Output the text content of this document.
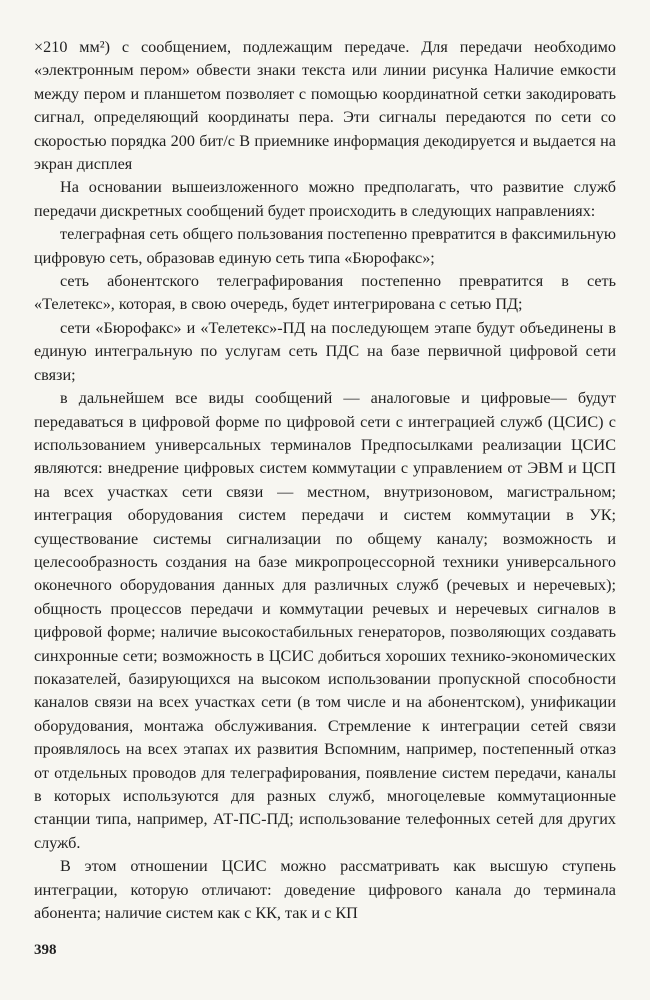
×210 мм²) с сообщением, подлежащим передаче. Для передачи необходимо «электронным пером» обвести знаки текста или линии рисунка Наличие емкости между пером и планшетом позволяет с помощью координатной сетки закодировать сигнал, определяющий координаты пера. Эти сигналы передаются по сети со скоростью порядка 200 бит/с В приемнике информация декодируется и выдается на экран дисплея

На основании вышеизложенного можно предполагать, что развитие служб передачи дискретных сообщений будет происходить в следующих направлениях:

телеграфная сеть общего пользования постепенно превратится в факсимильную цифровую сеть, образовав единую сеть типа «Бюрофакс»;

сеть абонентского телеграфирования постепенно превратится в сеть «Телетекс», которая, в свою очередь, будет интегрирована с сетью ПД;

сети «Бюрофакс» и «Телетекс»-ПД на последующем этапе будут объединены в единую интегральную по услугам сеть ПДС на базе первичной цифровой сети связи;

в дальнейшем все виды сообщений — аналоговые и цифровые— будут передаваться в цифровой форме по цифровой сети с интеграцией служб (ЦСИС) с использованием универсальных терминалов Предпосылками реализации ЦСИС являются: внедрение цифровых систем коммутации с управлением от ЭВМ и ЦСП на всех участках сети связи — местном, внутризоновом, магистральном; интеграция оборудования систем передачи и систем коммутации в УК; существование системы сигнализации по общему каналу; возможность и целесообразность создания на базе микропроцессорной техники универсального оконечного оборудования данных для различных служб (речевых и неречевых); общность процессов передачи и коммутации речевых и неречевых сигналов в цифровой форме; наличие высокостабильных генераторов, позволяющих создавать синхронные сети; возможность в ЦСИС добиться хороших технико-экономических показателей, базирующихся на высоком использовании пропускной способности каналов связи на всех участках сети (в том числе и на абонентском), унификации оборудования, монтажа обслуживания. Стремление к интеграции сетей связи проявлялось на всех этапах их развития Вспомним, например, постепенный отказ от отдельных проводов для телеграфирования, появление систем передачи, каналы в которых используются для разных служб, многоцелевые коммутационные станции типа, например, АТ-ПС-ПД; использование телефонных сетей для других служб.

В этом отношении ЦСИС можно рассматривать как высшую ступень интеграции, которую отличают: доведение цифрового канала до терминала абонента; наличие систем как с КК, так и с КП

398
